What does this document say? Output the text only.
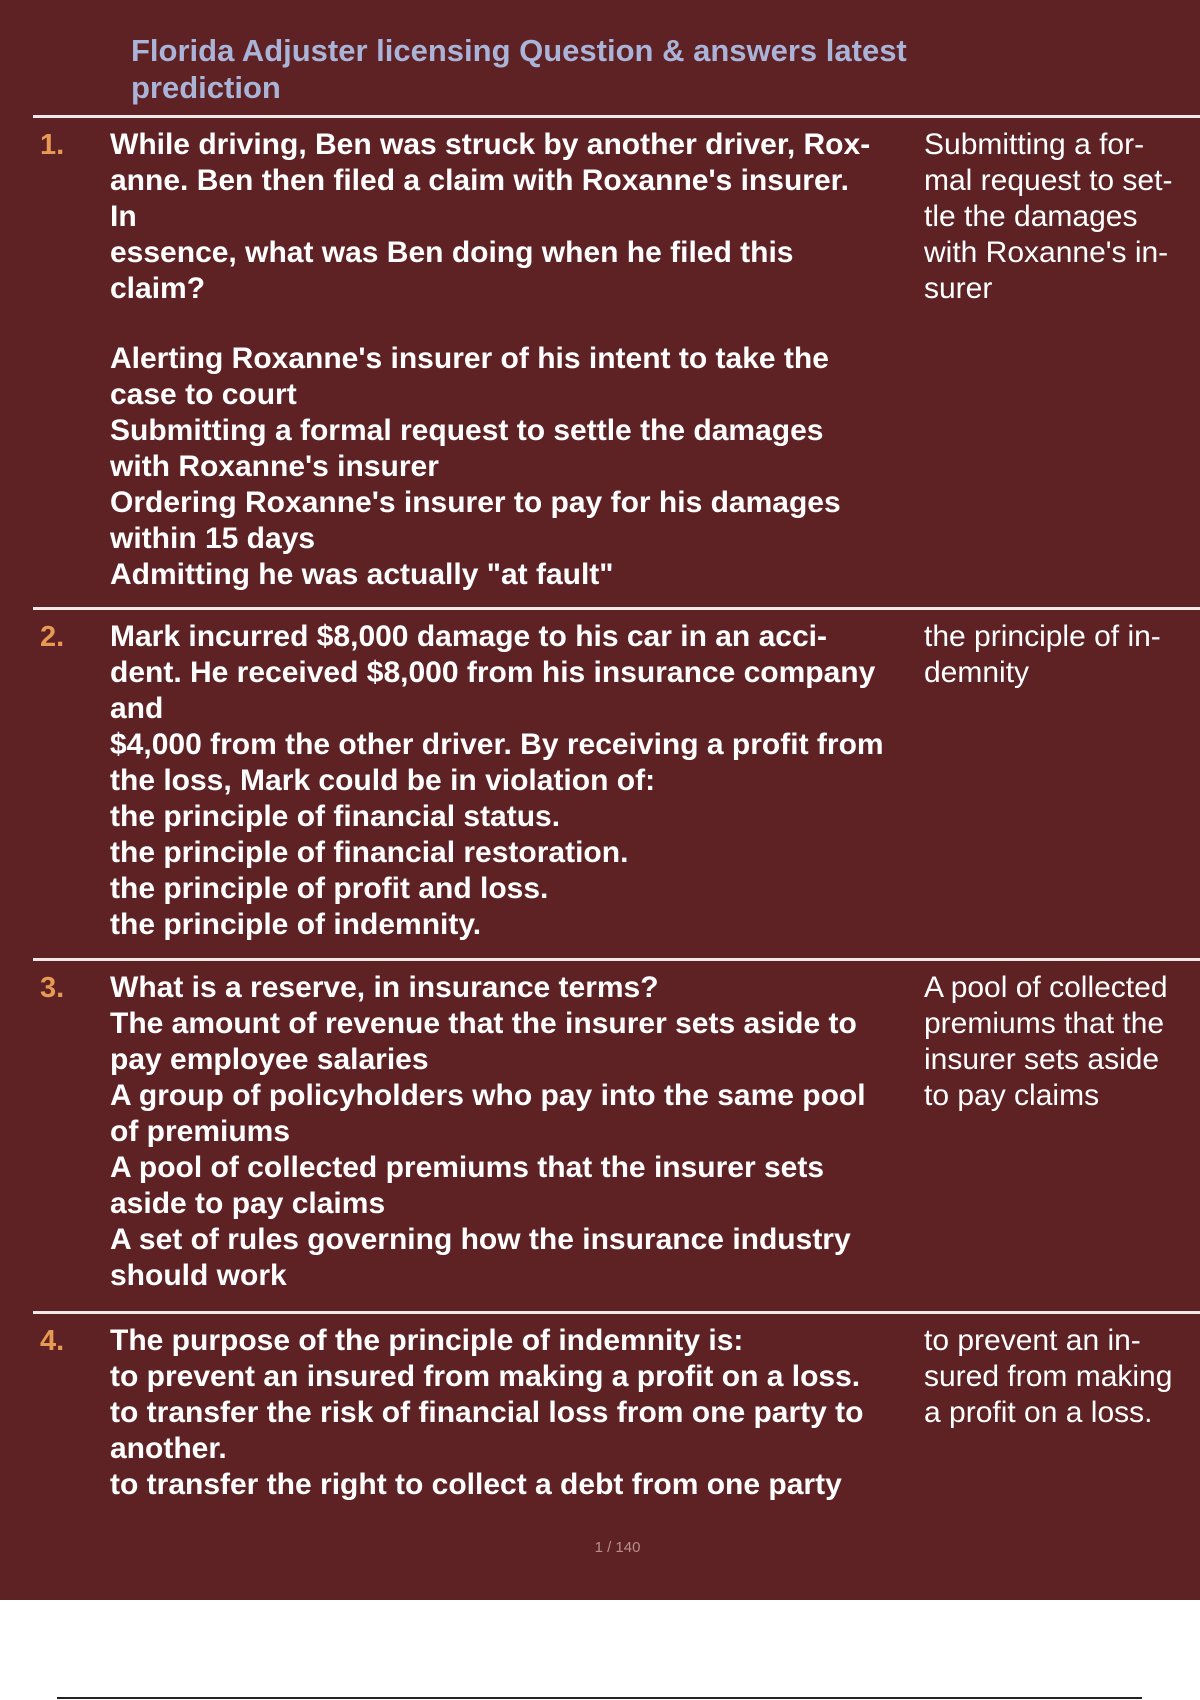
Florida Adjuster licensing Question & answers latest
prediction
1. While driving, Ben was struck by another driver, Rox-
anne. Ben then filed a claim with Roxanne's insurer.
In
essence, what was Ben doing when he filed this
claim?
Alerting Roxanne's insurer of his intent to take the
case to court
Submitting a formal request to settle the damages
with Roxanne's insurer
Ordering Roxanne's insurer to pay for his damages
within 15 days
Admitting he was actually "at fault"
Submitting a for-
mal request to set-
tle the damages
with Roxanne's in-
surer
2. Mark incurred $8,000 damage to his car in an acci-
dent. He received $8,000 from his insurance company
and
$4,000 from the other driver. By receiving a profit from
the loss, Mark could be in violation of:
the principle of financial status.
the principle of financial restoration.
the principle of profit and loss.
the principle of indemnity.
the principle of in-
demnity
3. What is a reserve, in insurance terms?
The amount of revenue that the insurer sets aside to
pay employee salaries
A group of policyholders who pay into the same pool
of premiums
A pool of collected premiums that the insurer sets
aside to pay claims
A set of rules governing how the insurance industry
should work
A pool of collected
premiums that the
insurer sets aside
to pay claims
4. The purpose of the principle of indemnity is:
to prevent an insured from making a profit on a loss.
to transfer the risk of financial loss from one party to
another.
to transfer the right to collect a debt from one party
to prevent an in-
sured from making
a profit on a loss.
1 / 140
